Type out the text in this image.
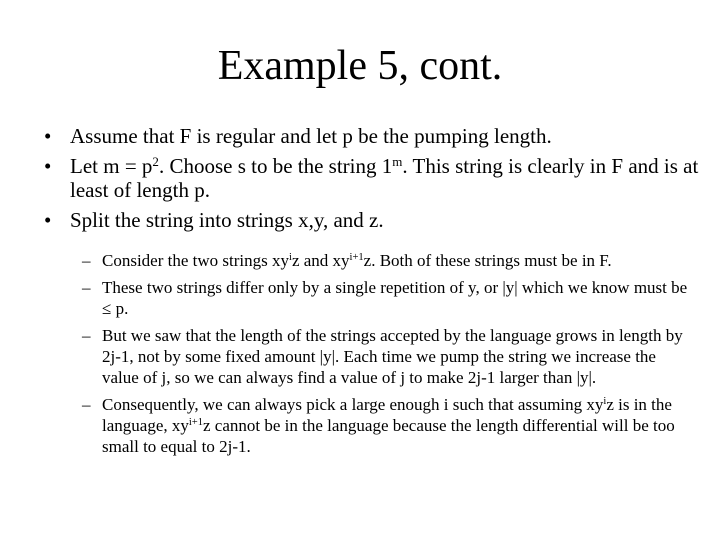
Example 5, cont.
• Assume that F is regular and let p be the pumping length.
• Let $m = p^2$. Choose s to be the string 1$^m$. This string is clearly in F and is at least of length p.
• Split the string into strings x,y, and z.
– Consider the two strings $xy^iz$ and $xy^{i+1}z$. Both of these strings must be in F.
– These two strings differ only by a single repetition of y, or |y| which we know must be ≤ p.
– But we saw that the length of the strings accepted by the language grows in length by 2j-1, not by some fixed amount |y|. Each time we pump the string we increase the value of j, so we can always find a value of j to make 2j-1 larger than |y|.
– Consequently, we can always pick a large enough i such that assuming $xy^iz$ is in the language, $xy^{i+1}z$ cannot be in the language because the length differential will be too small to equal to 2j-1.
